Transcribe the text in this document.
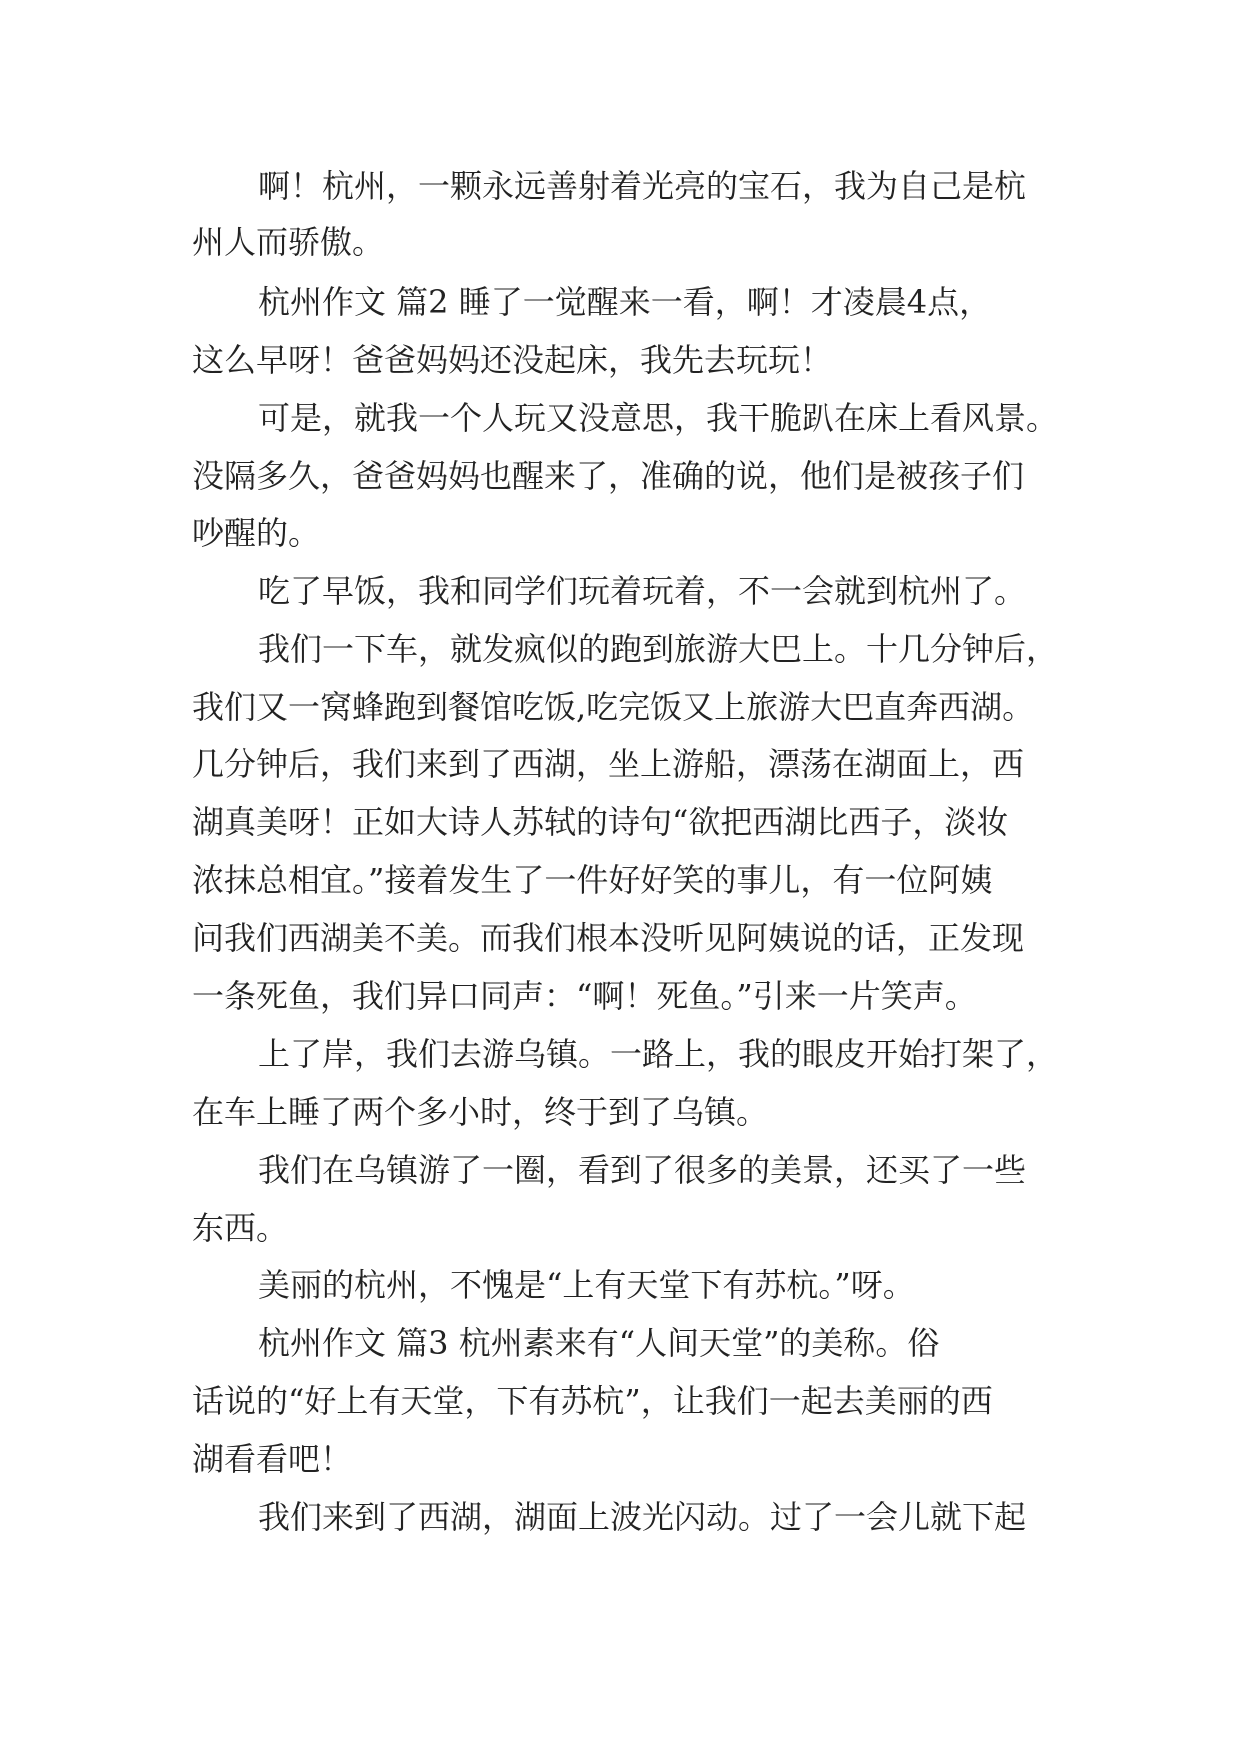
啊！杭州，一颗永远善射着光亮的宝石，我为自己是杭
州人而骄傲。
杭州作文 篇2 睡了一觉醒来一看，啊！才凌晨4点，
这么早呀！爸爸妈妈还没起床，我先去玩玩！
可是，就我一个人玩又没意思，我干脆趴在床上看风景。
没隔多久，爸爸妈妈也醒来了，准确的说，他们是被孩子们
吵醒的。
吃了早饭，我和同学们玩着玩着，不一会就到杭州了。
我们一下车，就发疯似的跑到旅游大巴上。十几分钟后，
我们又一窝蜂跑到餐馆吃饭,吃完饭又上旅游大巴直奔西湖。
几分钟后，我们来到了西湖，坐上游船，漂荡在湖面上，西
湖真美呀！正如大诗人苏轼的诗句“欲把西湖比西子，淡妆
浓抹总相宜。”接着发生了一件好好笑的事儿，有一位阿姨
问我们西湖美不美。而我们根本没听见阿姨说的话，正发现
一条死鱼，我们异口同声：“啊！死鱼。”引来一片笑声。
上了岸，我们去游乌镇。一路上，我的眼皮开始打架了，
在车上睡了两个多小时，终于到了乌镇。
我们在乌镇游了一圈，看到了很多的美景，还买了一些
东西。
美丽的杭州，不愧是“上有天堂下有苏杭。”呀。
杭州作文 篇3 杭州素来有“人间天堂”的美称。俗
话说的“好上有天堂，下有苏杭”，让我们一起去美丽的西
湖看看吧！
我们来到了西湖，湖面上波光闪动。过了一会儿就下起
